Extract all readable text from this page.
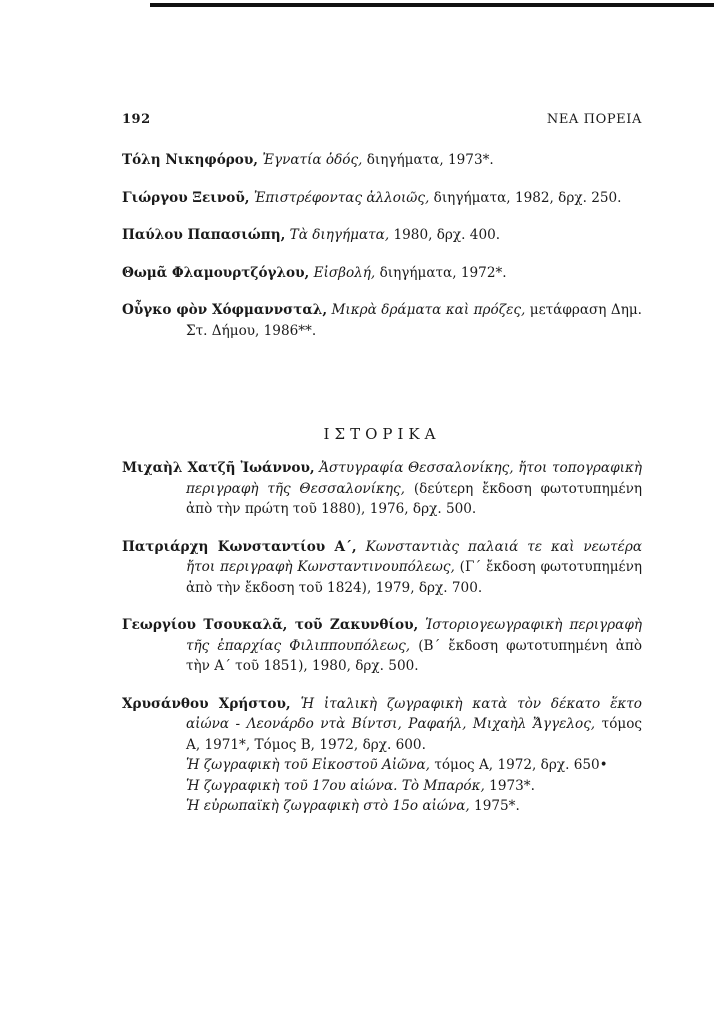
192	ΝΕΑ ΠΟΡΕΙΑ
Τόλη Νικηφόρου, Ἐγνατία ὁδός, διηγήματα, 1973*.
Γιώργου Ξεινοῦ, Ἐπιστρέφοντας ἀλλοιῶς, διηγήματα, 1982, δρχ. 250.
Παύλου Παπασιώπη, Τὰ διηγήματα, 1980, δρχ. 400.
Θωμᾶ Φλαμουρτζόγλου, Εἰσβολή, διηγήματα, 1972*.
Οὖγκο φὸν Χόφμαννσταλ, Μικρὰ δράματα καὶ πρόζες, μετάφραση Δημ. Στ. Δήμου, 1986**.
ΙΣΤΟΡΙΚΑ
Μιχαὴλ Χατζῆ Ἰωάννου, Ἀστυγραφία Θεσσαλονίκης, ἤτοι τοπογραφικὴ περιγραφὴ τῆς Θεσσαλονίκης, (δεύτερη ἔκδοση φωτοτυπημένη ἀπὸ τὴν πρώτη τοῦ 1880), 1976, δρχ. 500.
Πατριάρχη Κωνσταντίου Α΄, Κωνσταντιὰς παλαιά τε καὶ νεωτέρα ἤτοι περιγραφὴ Κωνσταντινουπόλεως, (Γ΄ ἔκδοση φωτοτυπημένη ἀπὸ τὴν ἔκδοση τοῦ 1824), 1979, δρχ. 700.
Γεωργίου Τσουκαλᾶ, τοῦ Ζακυνθίου, Ἱστοριογεωγραφικὴ περιγραφὴ τῆς ἐπαρχίας Φιλιππουπόλεως, (Β΄ ἔκδοση φωτοτυπημένη ἀπὸ τὴν Α΄ τοῦ 1851), 1980, δρχ. 500.
Χρυσάνθου Χρήστου, Ἡ ἰταλικὴ ζωγραφικὴ κατὰ τὸν δέκατο ἕκτο αἰώνα - Λεονάρδο ντὰ Βίντσι, Ραφαήλ, Μιχαὴλ Ἄγγελος, τόμος Α, 1971*, Τόμος Β, 1972, δρχ. 600.
Ἡ ζωγραφικὴ τοῦ Εἰκοστοῦ Αἰῶνα, τόμος Α, 1972, δρχ. 650•
Ἡ ζωγραφικὴ τοῦ 17ου αἰώνα. Τὸ Μπαρόκ, 1973*.
Ἡ εὐρωπαϊκὴ ζωγραφικὴ στὸ 15ο αἰώνα, 1975*.
